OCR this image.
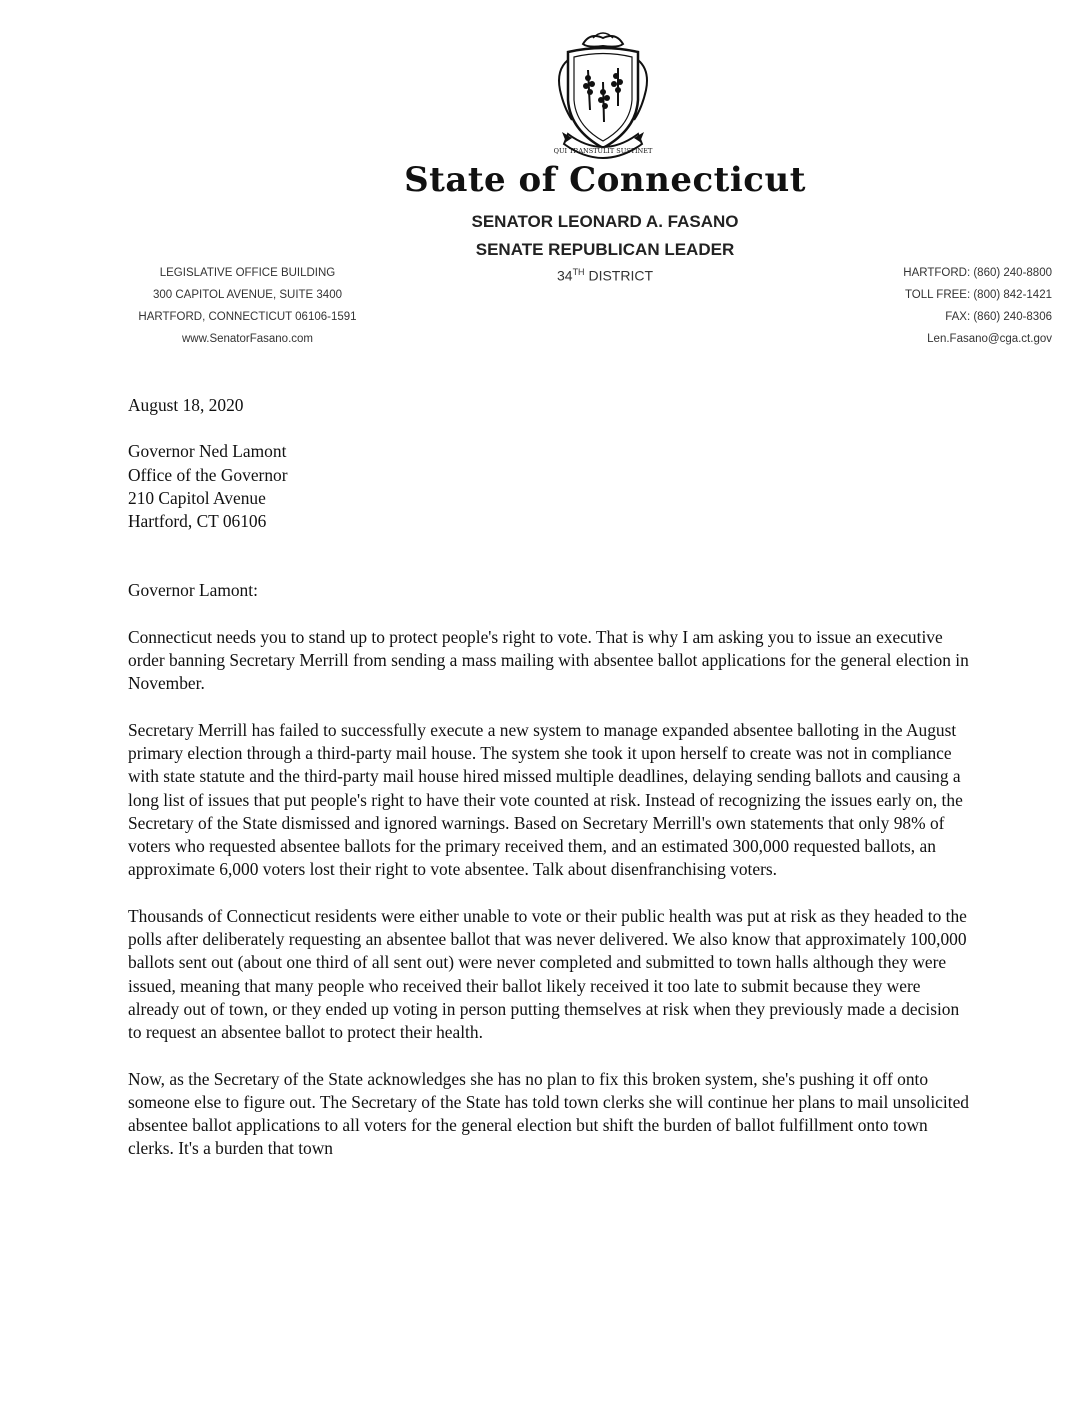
QUI TRANSTULIT SUSTINET
State of Connecticut
SENATOR LEONARD A. FASANO
SENATE REPUBLICAN LEADER
34TH DISTRICT
LEGISLATIVE OFFICE BUILDING
300 CAPITOL AVENUE, SUITE 3400
HARTFORD, CONNECTICUT 06106-1591
www.SenatorFasano.com
HARTFORD: (860) 240-8800
TOLL FREE: (800) 842-1421
FAX: (860) 240-8306
Len.Fasano@cga.ct.gov

August 18, 2020

Governor Ned Lamont

Office of the Governor

210 Capitol Avenue

Hartford, CT 06106

Governor Lamont:

Connecticut needs you to stand up to protect people's right to vote. That is why I am asking you to issue an executive order banning Secretary Merrill from sending a mass mailing with absentee ballot applications for the general election in November.

Secretary Merrill has failed to successfully execute a new system to manage expanded absentee balloting in the August primary election through a third-party mail house. The system she took it upon herself to create was not in compliance with state statute and the third-party mail house hired missed multiple deadlines, delaying sending ballots and causing a long list of issues that put people's right to have their vote counted at risk. Instead of recognizing the issues early on, the Secretary of the State dismissed and ignored warnings. Based on Secretary Merrill's own statements that only 98% of voters who requested absentee ballots for the primary received them, and an estimated 300,000 requested ballots, an approximate 6,000 voters lost their right to vote absentee. Talk about disenfranchising voters.

Thousands of Connecticut residents were either unable to vote or their public health was put at risk as they headed to the polls after deliberately requesting an absentee ballot that was never delivered. We also know that approximately 100,000 ballots sent out (about one third of all sent out) were never completed and submitted to town halls although they were issued, meaning that many people who received their ballot likely received it too late to submit because they were already out of town, or they ended up voting in person putting themselves at risk when they previously made a decision to request an absentee ballot to protect their health.

Now, as the Secretary of the State acknowledges she has no plan to fix this broken system, she's pushing it off onto someone else to figure out. The Secretary of the State has told town clerks she will continue her plans to mail unsolicited absentee ballot applications to all voters for the general election but shift the burden of ballot fulfillment onto town clerks. It's a burden that town
